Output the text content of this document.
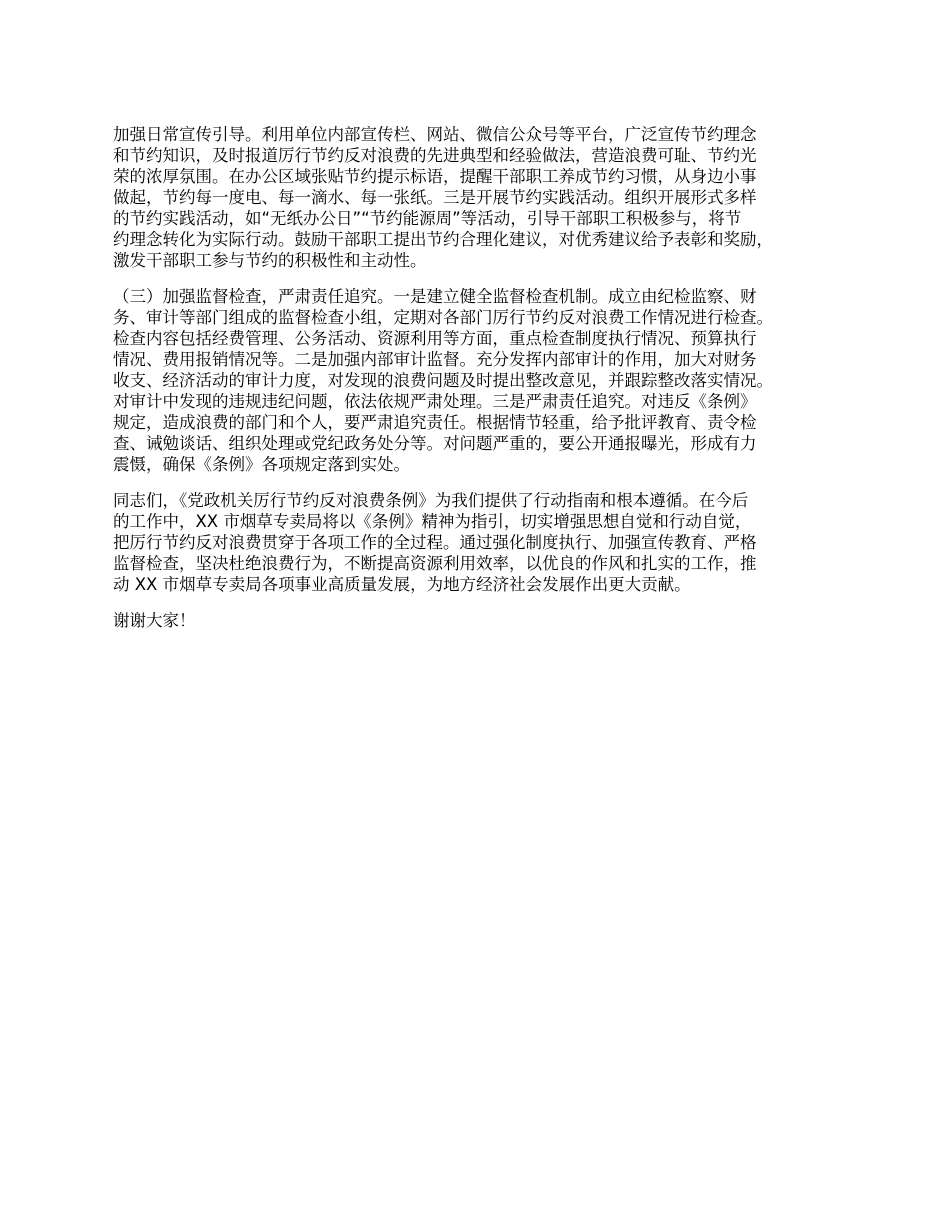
加强日常宣传引导。利用单位内部宣传栏、网站、微信公众号等平台，广泛宣传节约理念
和节约知识，及时报道厉行节约反对浪费的先进典型和经验做法，营造浪费可耻、节约光
荣的浓厚氛围。在办公区域张贴节约提示标语，提醒干部职工养成节约习惯，从身边小事
做起，节约每一度电、每一滴水、每一张纸。三是开展节约实践活动。组织开展形式多样
的节约实践活动，如“无纸办公日”“节约能源周”等活动，引导干部职工积极参与，将节
约理念转化为实际行动。鼓励干部职工提出节约合理化建议，对优秀建议给予表彰和奖励，
激发干部职工参与节约的积极性和主动性。

（三）加强监督检查，严肃责任追究。一是建立健全监督检查机制。成立由纪检监察、财
务、审计等部门组成的监督检查小组，定期对各部门厉行节约反对浪费工作情况进行检查。
检查内容包括经费管理、公务活动、资源利用等方面，重点检查制度执行情况、预算执行
情况、费用报销情况等。二是加强内部审计监督。充分发挥内部审计的作用，加大对财务
收支、经济活动的审计力度，对发现的浪费问题及时提出整改意见，并跟踪整改落实情况。
对审计中发现的违规违纪问题，依法依规严肃处理。三是严肃责任追究。对违反《条例》
规定，造成浪费的部门和个人，要严肃追究责任。根据情节轻重，给予批评教育、责令检
查、诫勉谈话、组织处理或党纪政务处分等。对问题严重的，要公开通报曝光，形成有力
震慑，确保《条例》各项规定落到实处。

同志们，《党政机关厉行节约反对浪费条例》为我们提供了行动指南和根本遵循。在今后
的工作中，XX 市烟草专卖局将以《条例》精神为指引，切实增强思想自觉和行动自觉，
把厉行节约反对浪费贯穿于各项工作的全过程。通过强化制度执行、加强宣传教育、严格
监督检查，坚决杜绝浪费行为，不断提高资源利用效率，以优良的作风和扎实的工作，推
动 XX 市烟草专卖局各项事业高质量发展，为地方经济社会发展作出更大贡献。

谢谢大家！
